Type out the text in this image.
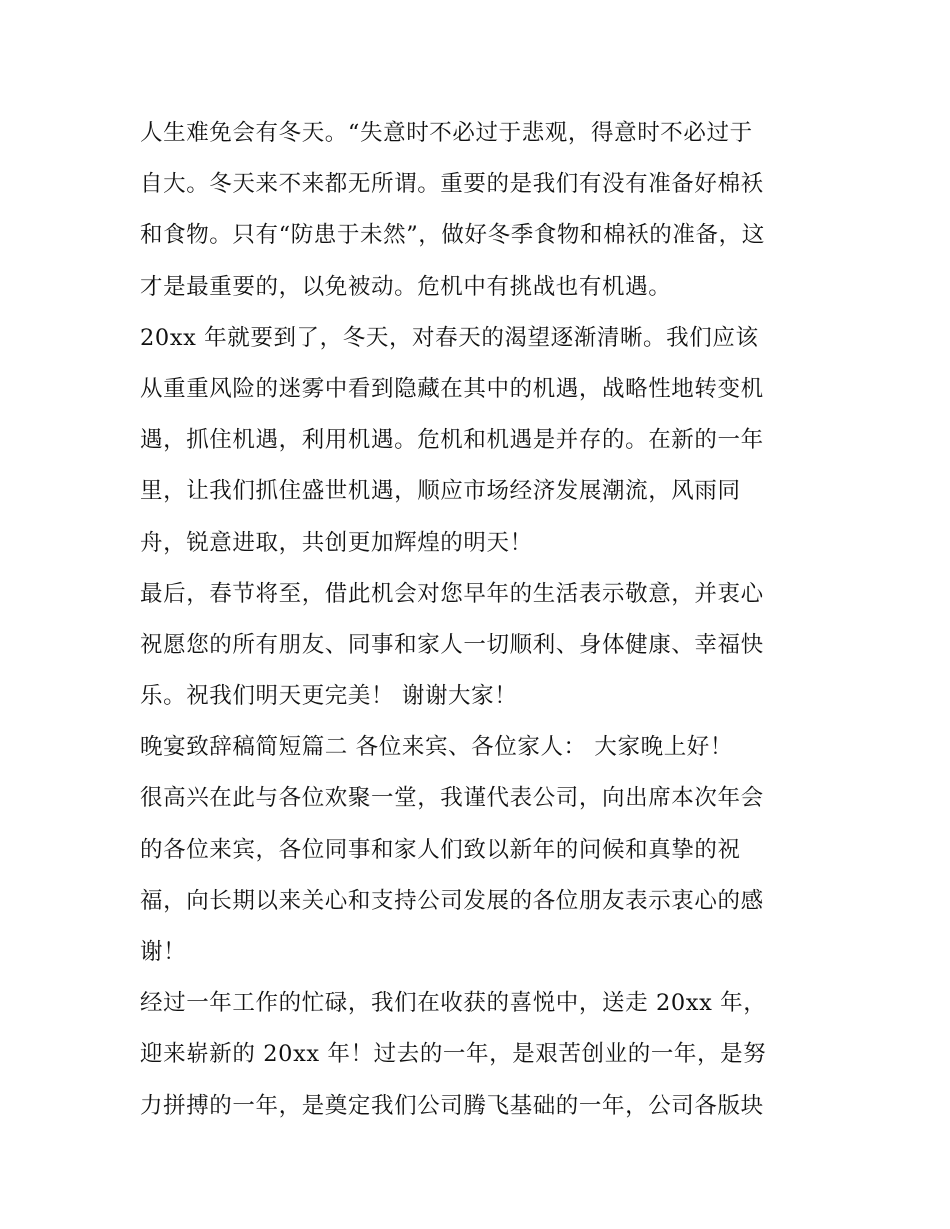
人生难免会有冬天。“失意时不必过于悲观，得意时不必过于

自大。冬天来不来都无所谓。重要的是我们有没有准备好棉袄

和食物。只有“防患于未然”，做好冬季食物和棉袄的准备，这

才是最重要的，以免被动。危机中有挑战也有机遇。

20xx 年就要到了，冬天，对春天的渴望逐渐清晰。我们应该

从重重风险的迷雾中看到隐藏在其中的机遇，战略性地转变机

遇，抓住机遇，利用机遇。危机和机遇是并存的。在新的一年

里，让我们抓住盛世机遇，顺应市场经济发展潮流，风雨同

舟，锐意进取，共创更加辉煌的明天！

最后，春节将至，借此机会对您早年的生活表示敬意，并衷心

祝愿您的所有朋友、同事和家人一切顺利、身体健康、幸福快

乐。祝我们明天更完美！ 谢谢大家！

晚宴致辞稿简短篇二 各位来宾、各位家人： 大家晚上好！

很高兴在此与各位欢聚一堂，我谨代表公司，向出席本次年会

的各位来宾，各位同事和家人们致以新年的问候和真挚的祝

福，向长期以来关心和支持公司发展的各位朋友表示衷心的感

谢！

经过一年工作的忙碌，我们在收获的喜悦中，送走 20xx 年，

迎来崭新的 20xx 年！过去的一年，是艰苦创业的一年，是努

力拼搏的一年，是奠定我们公司腾飞基础的一年，公司各版块
